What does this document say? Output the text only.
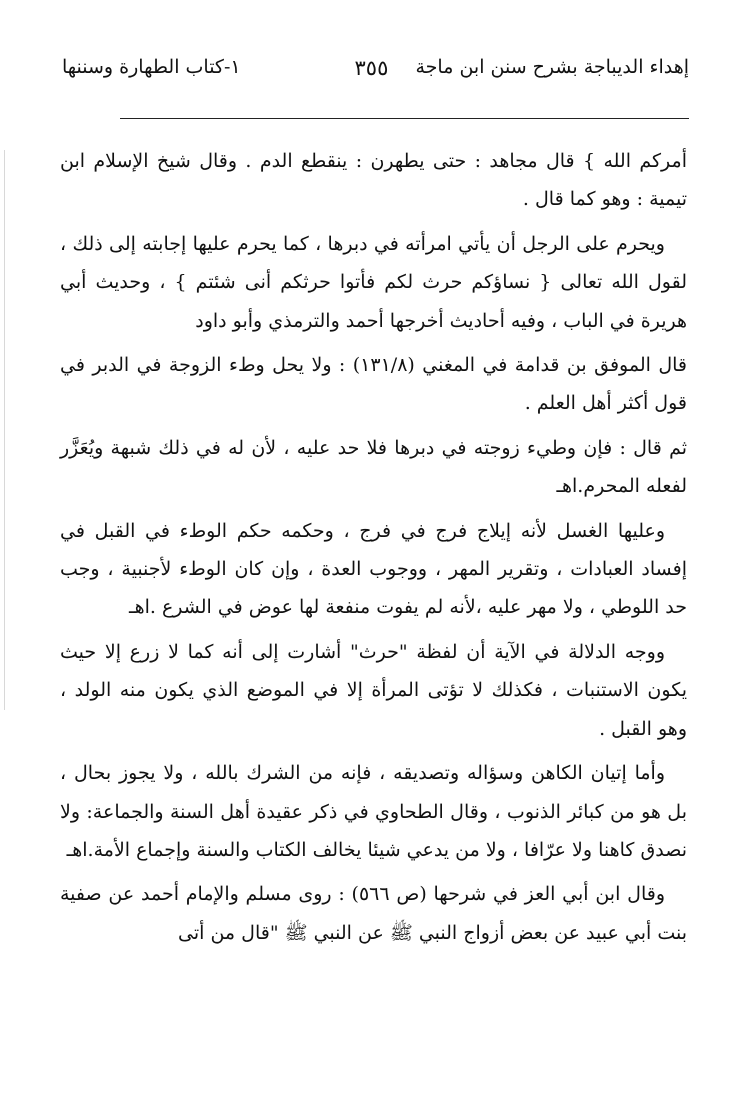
إهداء الديباجة بشرح سنن ابن ماجة
٣٥٥
١-كتاب الطهارة وسننها

أمركم الله } قال مجاهد : حتى يطهرن : ينقطع الدم . وقال شيخ الإسلام ابن تيمية : وهو كما قال .

ويحرم على الرجل أن يأتي امرأته في دبرها ، كما يحرم عليها إجابته إلى ذلك ، لقول الله تعالى { نساؤكم حرث لكم فأتوا حرثكم أنى شئتم } ، وحديث أبي هريرة في الباب ، وفيه أحاديث أخرجها أحمد والترمذي وأبو داود

قال الموفق بن قدامة في المغني (١٣١/٨) : ولا يحل وطء الزوجة في الدبر في قول أكثر أهل العلم .

ثم قال : فإن وطيء زوجته في دبرها فلا حد عليه ، لأن له في ذلك شبهة ويُعَزَّر لفعله المحرم.اهـ

وعليها الغسل لأنه إيلاج فرج في فرج ، وحكمه حكم الوطء في القبل في إفساد العبادات ، وتقرير المهر ، ووجوب العدة ، وإن كان الوطء لأجنبية ، وجب حد اللوطي ، ولا مهر عليه ،لأنه لم يفوت منفعة لها عوض في الشرع .اهـ

ووجه الدلالة في الآية أن لفظة "حرث" أشارت إلى أنه كما لا زرع إلا حيث يكون الاستنبات ، فكذلك لا تؤتى المرأة إلا في الموضع الذي يكون منه الولد ، وهو القبل .

وأما إتيان الكاهن وسؤاله وتصديقه ، فإنه من الشرك بالله ، ولا يجوز بحال ، بل هو من كبائر الذنوب ، وقال الطحاوي في ذكر عقيدة أهل السنة والجماعة: ولا نصدق كاهنا ولا عرّافا ، ولا من يدعي شيئا يخالف الكتاب والسنة وإجماع الأمة.اهـ

وقال ابن أبي العز في شرحها (ص ٥٦٦) : روى مسلم والإمام أحمد عن صفية بنت أبي عبيد عن بعض أزواج النبي ﷺ عن النبي ﷺ "قال من أتى
